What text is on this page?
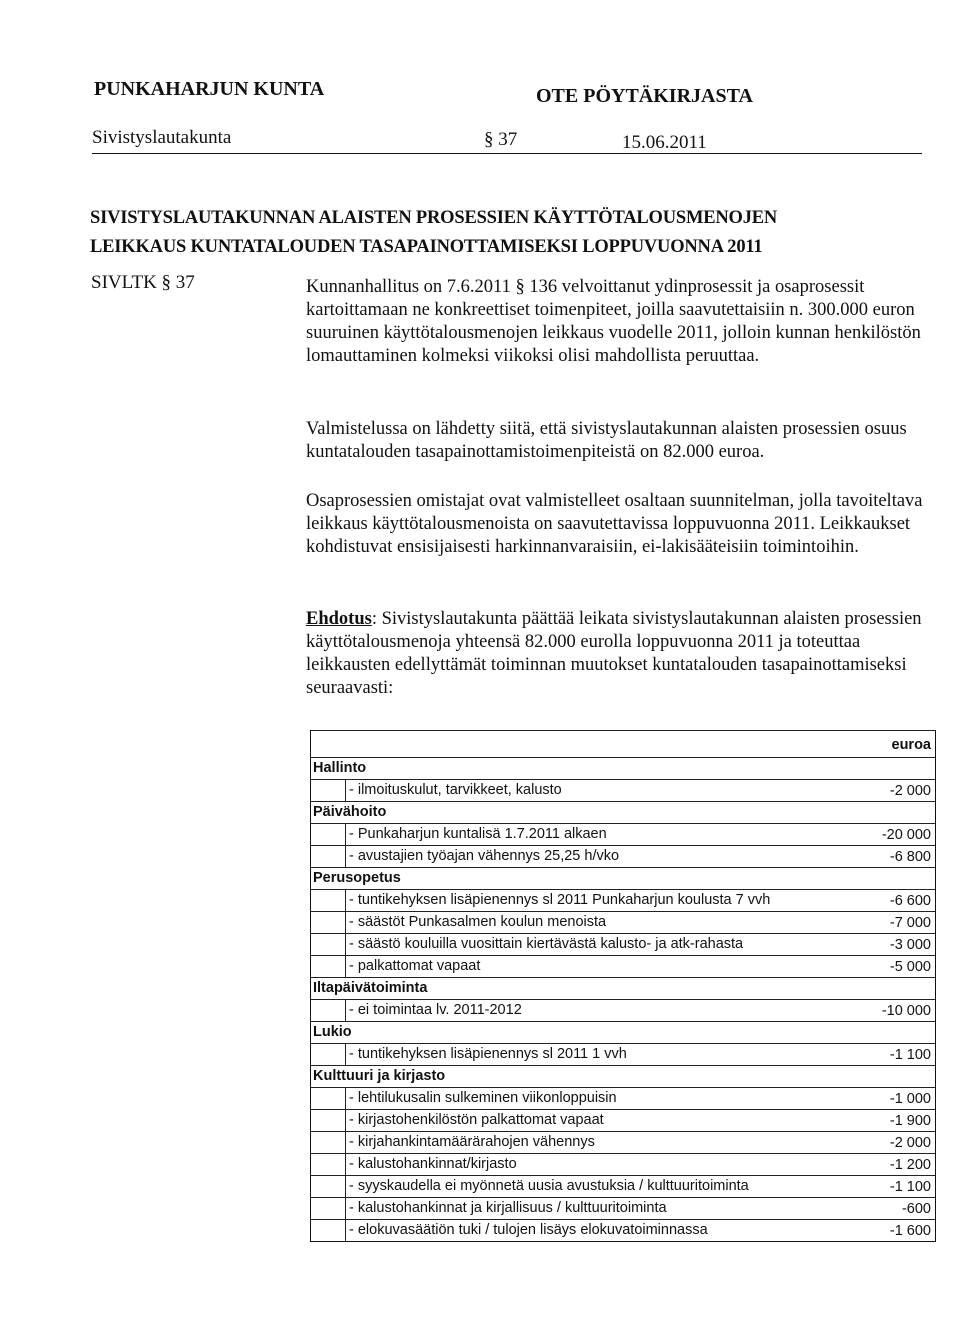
PUNKAHARJUN KUNTA	OTE PÖYTÄKIRJASTA
Sivistyslautakunta	§ 37	15.06.2011
SIVISTYSLAUTAKUNNAN ALAISTEN PROSESSIEN KÄYTTÖTALOUSMENOJEN
LEIKKAUS KUNTATALOUDEN TASAPAINOTTAMISEKSI LOPPUVUONNA 2011
SIVLTK § 37	Kunnanhallitus on 7.6.2011 § 136 velvoittanut ydinprosessit ja osaprosessit kartoittamaan ne konkreettiset toimenpiteet, joilla saavutettaisiin n. 300.000 euron suuruinen käyttötalousmenojen leikkaus vuodelle 2011, jolloin kunnan henkilöstön lomauttaminen kolmeksi viikoksi olisi mahdollista peruuttaa.

Valmistelussa on lähdetty siitä, että sivistyslautakunnan alaisten prosessien osuus kuntatalouden tasapainottamistoimenpiteistä on 82.000 euroa.

Osaprosessien omistajat ovat valmistelleet osaltaan suunnitelman, jolla tavoiteltava leikkaus käyttötalousmenoista on saavutettavissa loppuvuonna 2011. Leikkaukset kohdistuvat ensisijaisesti harkinnanvaraisiin, ei-lakisääteisiin toimintoihin.

Ehdotus: Sivistyslautakunta päättää leikata sivistyslautakunnan alaisten prosessien käyttötalousmenoja yhteensä 82.000 eurolla loppuvuonna 2011 ja toteuttaa leikkausten edellyttämät toiminnan muutokset kuntatalouden tasapainottamiseksi seuraavasti:

euroa
Hallinto
- ilmoituskulut, tarvikkeet, kalusto	-2 000
Päivähoito
- Punkaharjun kuntalisä 1.7.2011 alkaen	-20 000
- avustajien työajan vähennys 25,25 h/vko	-6 800
Perusopetus
- tuntikehyksen lisäpienennys sl 2011 Punkaharjun koulusta 7 vvh	-6 600
- säästöt Punkasalmen koulun menoista	-7 000
- säästö kouluilla vuosittain kiertävästä kalusto- ja atk-rahasta	-3 000
- palkattomat vapaat	-5 000
Iltapäivätoiminta
- ei toimintaa lv. 2011-2012	-10 000
Lukio
- tuntikehyksen lisäpienennys sl 2011 1 vvh	-1 100
Kulttuuri ja kirjasto
- lehtilukusalin sulkeminen viikonloppuisin	-1 000
- kirjastohenkilöstön palkattomat vapaat	-1 900
- kirjahankintamäärärahojen vähennys	-2 000
- kalustohankinnat/kirjasto	-1 200
- syyskaudella ei myönnetä uusia avustuksia / kulttuuritoiminta	-1 100
- kalustohankinnat ja kirjallisuus / kulttuuritoiminta	-600
- elokuvasäätiön tuki / tulojen lisäys elokuvatoiminnassa	-1 600
